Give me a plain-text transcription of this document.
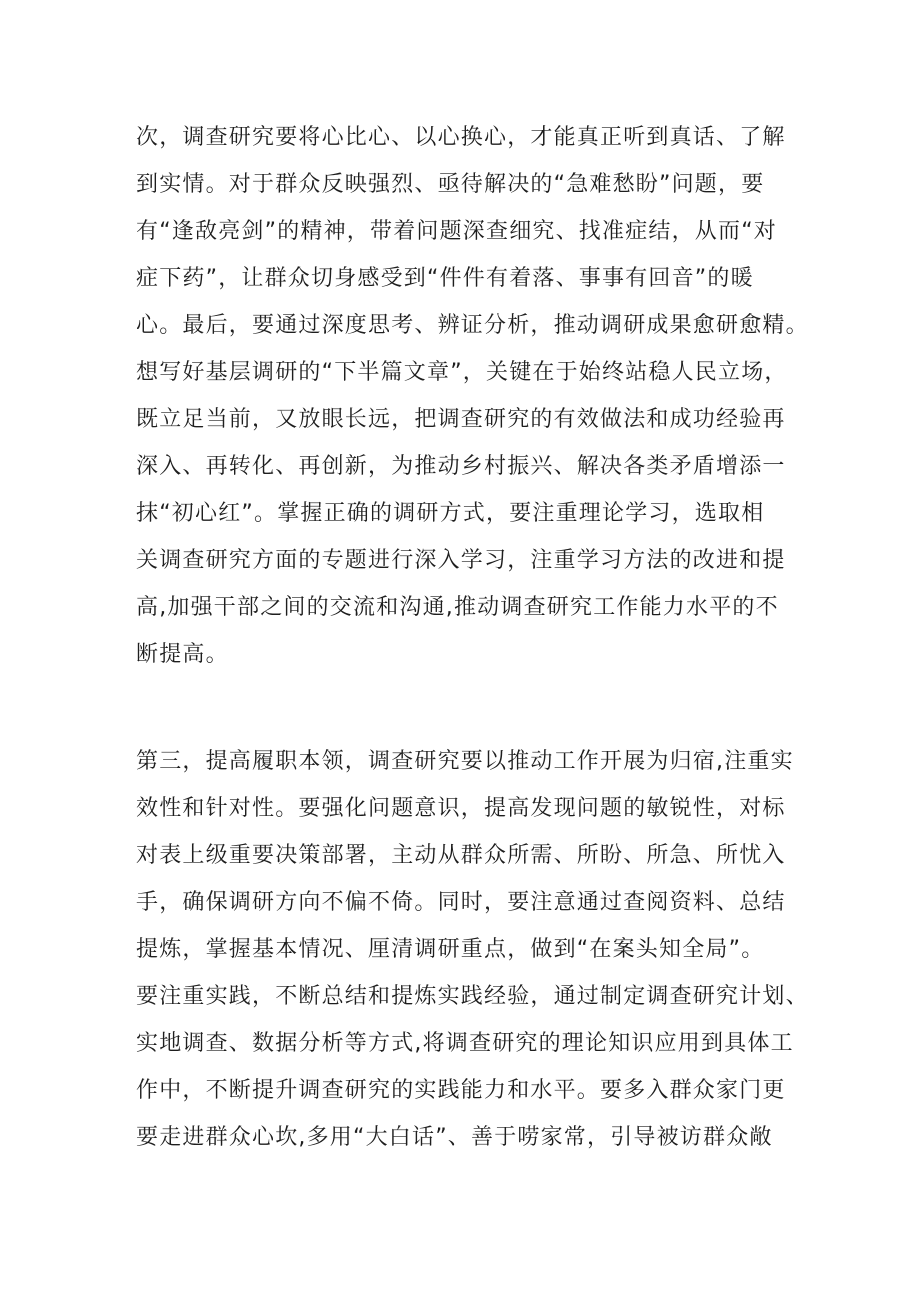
次，调查研究要将心比心、以心换心，才能真正听到真话、了解
到实情。对于群众反映强烈、亟待解决的“急难愁盼”问题，要
有“逢敌亮剑”的精神，带着问题深查细究、找准症结，从而“对
症下药”，让群众切身感受到“件件有着落、事事有回音”的暖
心。最后，要通过深度思考、辨证分析，推动调研成果愈研愈精。
想写好基层调研的“下半篇文章”，关键在于始终站稳人民立场，
既立足当前，又放眼长远，把调查研究的有效做法和成功经验再
深入、再转化、再创新，为推动乡村振兴、解决各类矛盾增添一
抹“初心红”。掌握正确的调研方式，要注重理论学习，选取相
关调查研究方面的专题进行深入学习，注重学习方法的改进和提
高,加强干部之间的交流和沟通,推动调查研究工作能力水平的不
断提高。
第三，提高履职本领，调查研究要以推动工作开展为归宿,注重实
效性和针对性。要强化问题意识，提高发现问题的敏锐性，对标
对表上级重要决策部署，主动从群众所需、所盼、所急、所忧入
手，确保调研方向不偏不倚。同时，要注意通过查阅资料、总结
提炼，掌握基本情况、厘清调研重点，做到“在案头知全局”。
要注重实践，不断总结和提炼实践经验，通过制定调查研究计划、
实地调查、数据分析等方式,将调查研究的理论知识应用到具体工
作中，不断提升调查研究的实践能力和水平。要多入群众家门更
要走进群众心坎,多用“大白话”、善于唠家常，引导被访群众敞
